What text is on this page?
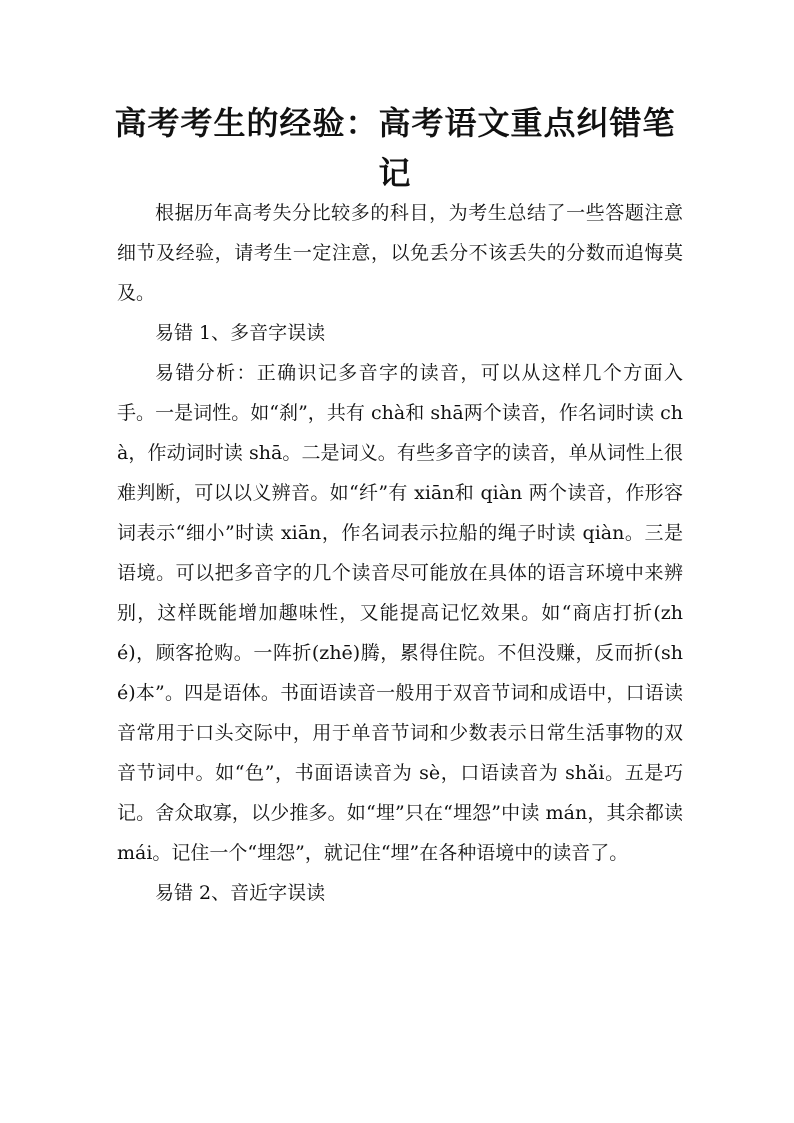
高考考生的经验：高考语文重点纠错笔记

根据历年高考失分比较多的科目，为考生总结了一些答题注意细节及经验，请考生一定注意，以免丢分不该丢失的分数而追悔莫及。

易错 1、多音字误读

易错分析：正确识记多音字的读音，可以从这样几个方面入手。一是词性。如“刹”，共有 chà和 shā两个读音，作名词时读 chà，作动词时读 shā。二是词义。有些多音字的读音，单从词性上很难判断，可以以义辨音。如“纤”有 xiān和 qiàn 两个读音，作形容词表示“细小”时读 xiān，作名词表示拉船的绳子时读 qiàn。三是语境。可以把多音字的几个读音尽可能放在具体的语言环境中来辨别，这样既能增加趣味性，又能提高记忆效果。如“商店打折(zhé)，顾客抢购。一阵折(zhē)腾，累得住院。不但没赚，反而折(shé)本”。四是语体。书面语读音一般用于双音节词和成语中，口语读音常用于口头交际中，用于单音节词和少数表示日常生活事物的双音节词中。如“色”，书面语读音为 sè，口语读音为 shǎi。五是巧记。舍众取寡，以少推多。如“埋”只在“埋怨”中读 mán，其余都读 mái。记住一个“埋怨”，就记住“埋”在各种语境中的读音了。

易错 2、音近字误读
